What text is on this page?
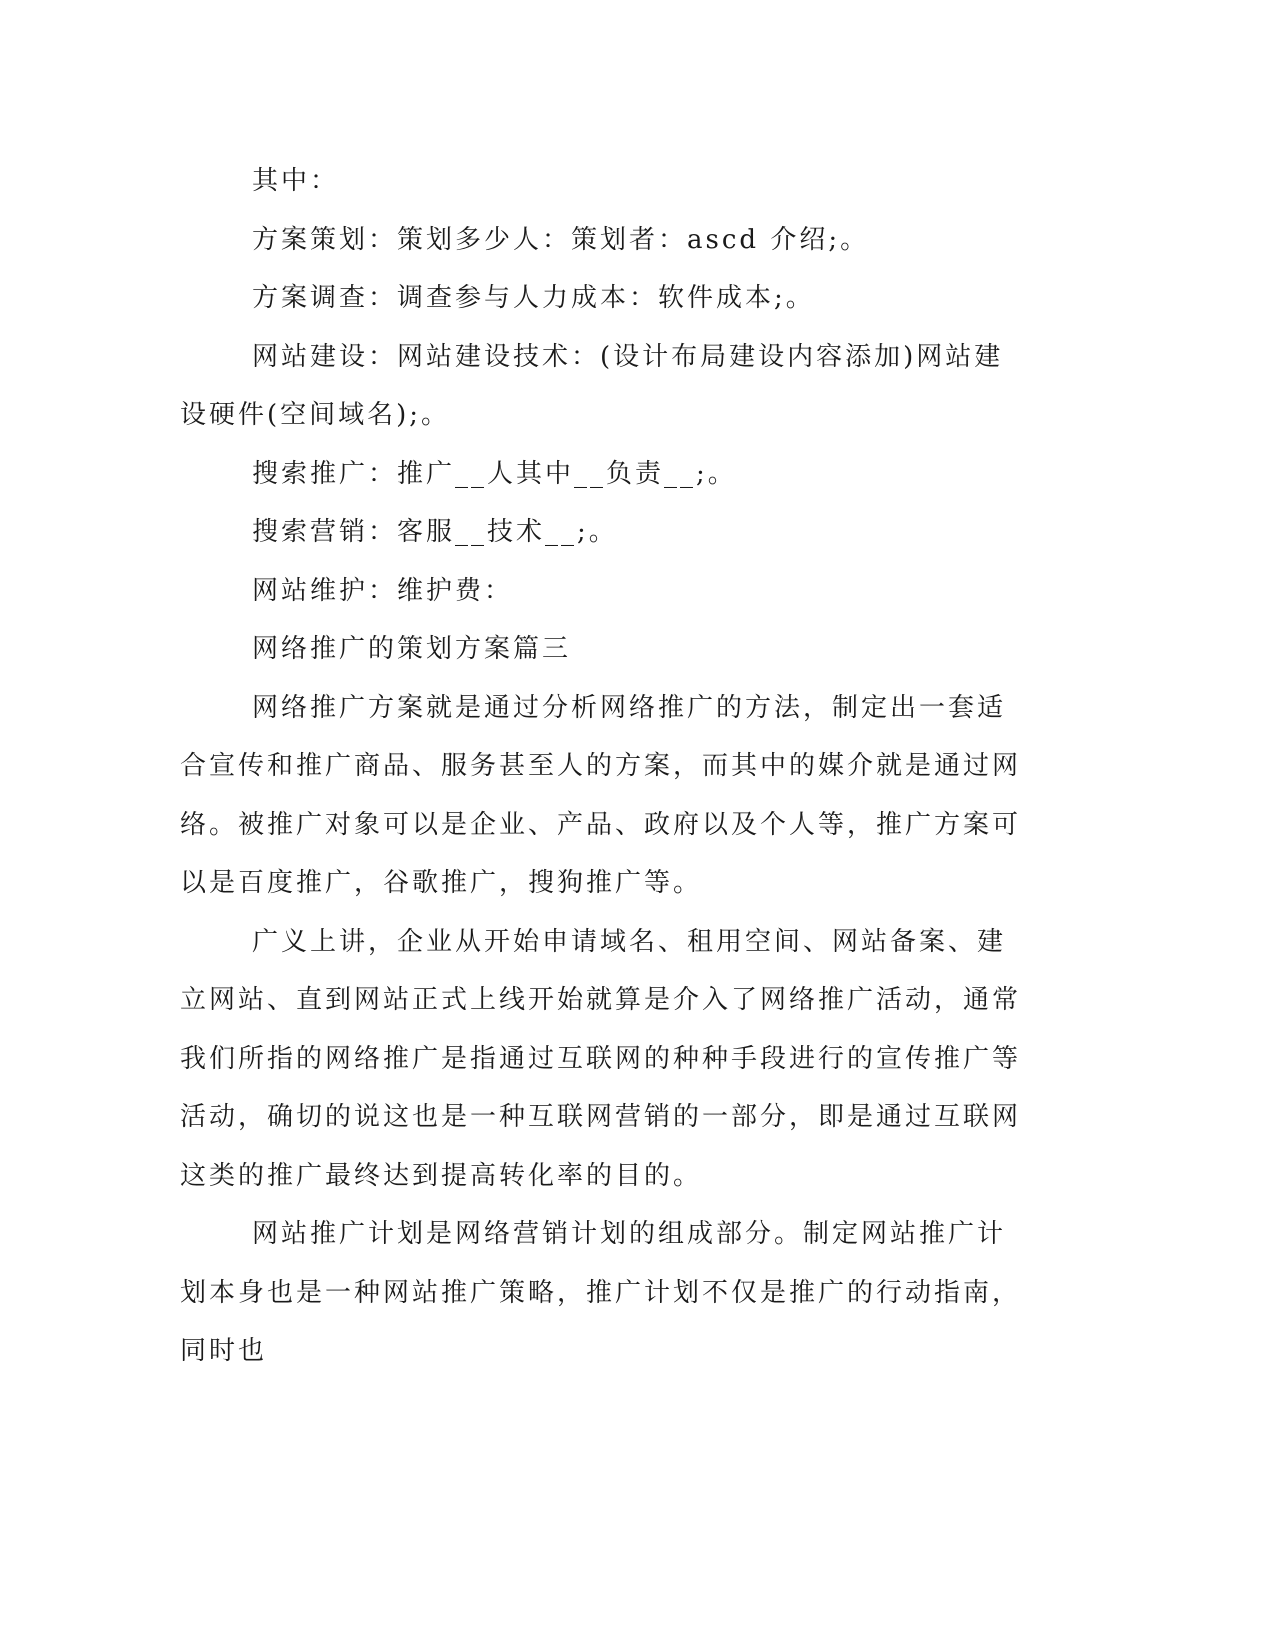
其中：

方案策划：策划多少人：策划者：ascd 介绍;。

方案调查：调查参与人力成本：软件成本;。

网站建设：网站建设技术：(设计布局建设内容添加)网站建设硬件(空间域名);。

搜索推广：推广__人其中__负责__;。

搜索营销：客服__技术__;。

网站维护：维护费：

网络推广的策划方案篇三

网络推广方案就是通过分析网络推广的方法，制定出一套适合宣传和推广商品、服务甚至人的方案，而其中的媒介就是通过网络。被推广对象可以是企业、产品、政府以及个人等，推广方案可以是百度推广，谷歌推广，搜狗推广等。

广义上讲，企业从开始申请域名、租用空间、网站备案、建立网站、直到网站正式上线开始就算是介入了网络推广活动，通常我们所指的网络推广是指通过互联网的种种手段进行的宣传推广等活动，确切的说这也是一种互联网营销的一部分，即是通过互联网这类的推广最终达到提高转化率的目的。

网站推广计划是网络营销计划的组成部分。制定网站推广计划本身也是一种网站推广策略，推广计划不仅是推广的行动指南，同时也
